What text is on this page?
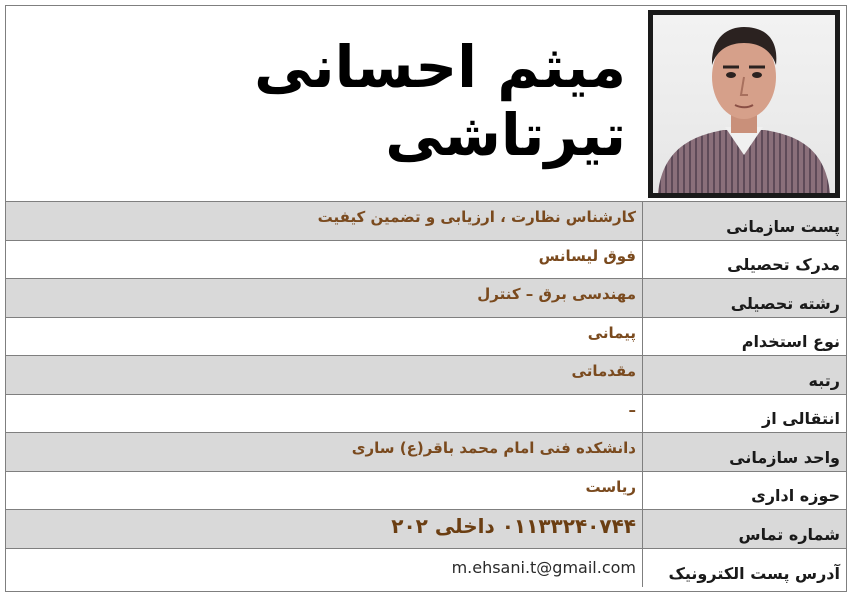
میثم احسانی تیرتاشی
پست سازمانی
کارشناس نظارت ، ارزیابی و تضمین کیفیت
مدرک تحصیلی
فوق لیسانس
رشته تحصیلی
مهندسی برق – کنترل
نوع استخدام
پیمانی
رتبه
مقدماتی
انتقالی از
–
واحد سازمانی
دانشکده فنی امام محمد باقر(ع) ساری
حوزه اداری
ریاست
شماره تماس
۰۱۱۳۳۲۴۰۷۴۴ داخلی ۲۰۲
آدرس پست الکترونیک
m.ehsani.t@gmail.com
